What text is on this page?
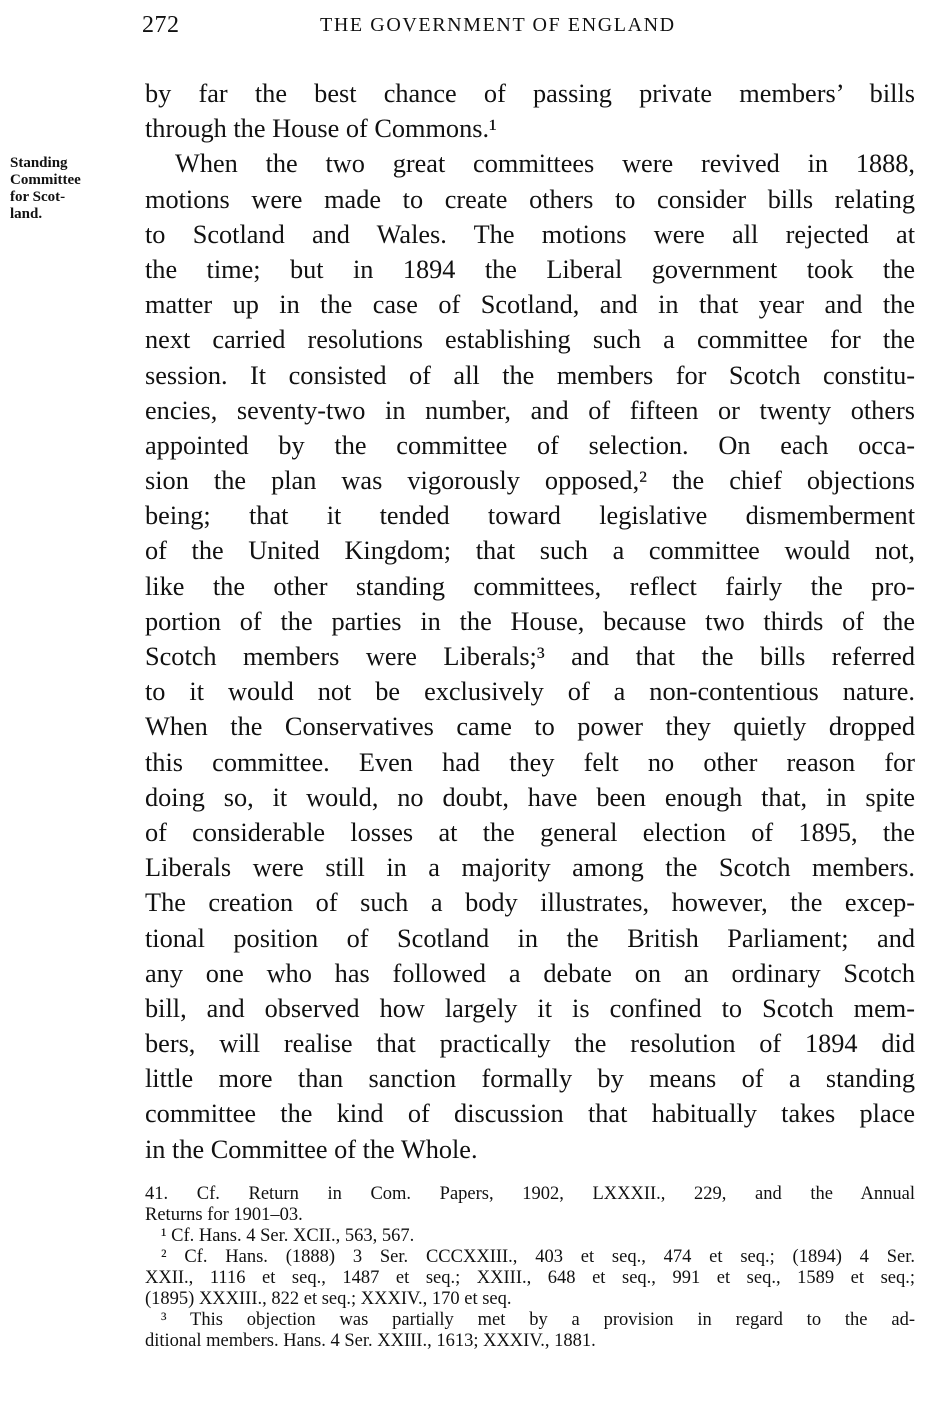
272	THE GOVERNMENT OF ENGLAND
Standing
Committee
for Scot-
land.
by far the best chance of passing private members’ bills
through the House of Commons.¹
When the two great committees were revived in 1888,
motions were made to create others to consider bills relating
to Scotland and Wales. The motions were all rejected at
the time; but in 1894 the Liberal government took the
matter up in the case of Scotland, and in that year and the
next carried resolutions establishing such a committee for the
session. It consisted of all the members for Scotch constitu-
encies, seventy-two in number, and of fifteen or twenty others
appointed by the committee of selection. On each occa-
sion the plan was vigorously opposed,² the chief objections
being; that it tended toward legislative dismemberment
of the United Kingdom; that such a committee would not,
like the other standing committees, reflect fairly the pro-
portion of the parties in the House, because two thirds of the
Scotch members were Liberals;³ and that the bills referred
to it would not be exclusively of a non-contentious nature.
When the Conservatives came to power they quietly dropped
this committee. Even had they felt no other reason for
doing so, it would, no doubt, have been enough that, in spite
of considerable losses at the general election of 1895, the
Liberals were still in a majority among the Scotch members.
The creation of such a body illustrates, however, the excep-
tional position of Scotland in the British Parliament; and
any one who has followed a debate on an ordinary Scotch
bill, and observed how largely it is confined to Scotch mem-
bers, will realise that practically the resolution of 1894 did
little more than sanction formally by means of a standing
committee the kind of discussion that habitually takes place
in the Committee of the Whole.
41. Cf. Return in Com. Papers, 1902, LXXXII., 229, and the Annual
Returns for 1901–03.
¹ Cf. Hans. 4 Ser. XCII., 563, 567.
² Cf. Hans. (1888) 3 Ser. CCCXXIII., 403 et seq., 474 et seq.; (1894) 4 Ser.
XXII., 1116 et seq., 1487 et seq.; XXIII., 648 et seq., 991 et seq., 1589 et seq.;
(1895) XXXIII., 822 et seq.; XXXIV., 170 et seq.
³ This objection was partially met by a provision in regard to the ad-
ditional members. Hans. 4 Ser. XXIII., 1613; XXXIV., 1881.
